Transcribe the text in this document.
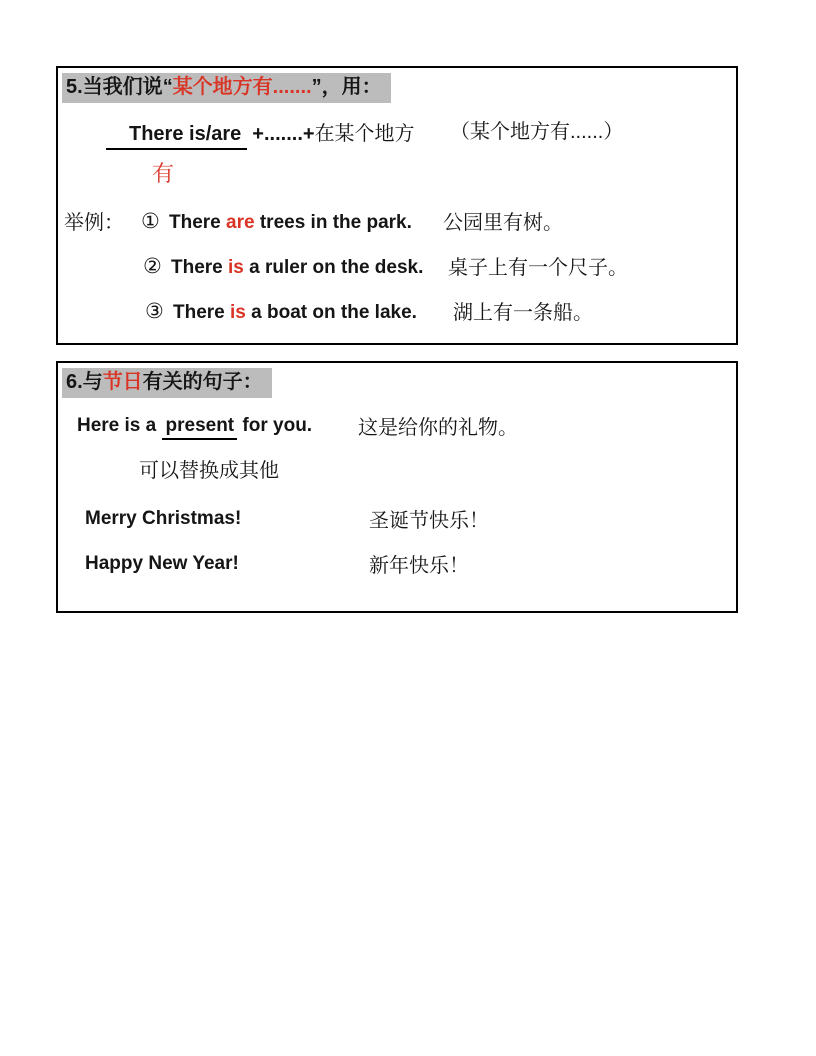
5.当我们说“某个地方有.......”，用：
There is/are +.......+在某个地方 （某个地方有......）
有
举例： ① There are trees in the park. 公园里有树。
② There is a ruler on the desk. 桌子上有一个尺子。
③ There is a boat on the lake. 湖上有一条船。
6.与节日有关的句子：
Here is a present for you. 这是给你的礼物。
可以替换成其他
Merry Christmas!	圣诞节快乐！
Happy New Year!	新年快乐！
